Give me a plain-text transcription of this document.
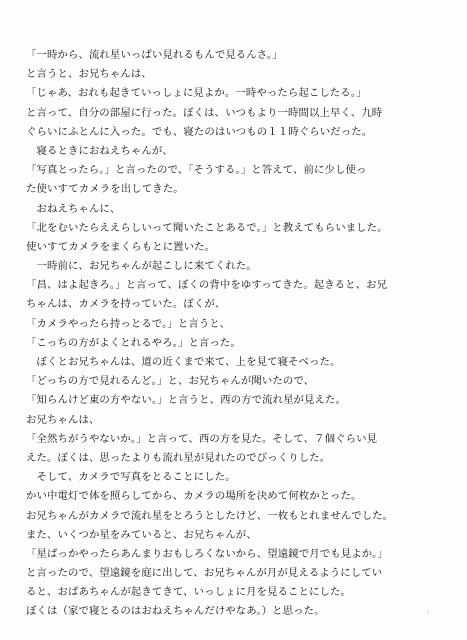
「一時から、流れ星いっぱい見れるもんで見るんさ。」
と言うと、お兄ちゃんは、
「じゃあ、おれも起きていっしょに見よか。一時やったら起こしたる。」
と言って、自分の部屋に行った。ぼくは、いつもより一時間以上早く、九時
ぐらいにふとんに入った。でも、寝たのはいつもの１１時ぐらいだった。
　寝るときにおねえちゃんが、
「写真とったら。」と言ったので、「そうする。」と答えて、前に少し使っ
た使いすてカメラを出してきた。
　おねえちゃんに、
「北をむいたらええらしいって聞いたことあるで。」と教えてもらいました。
使いすてカメラをまくらもとに置いた。
　一時前に、お兄ちゃんが起こしに来てくれた。
「昌、はよ起きろ。」と言って、ぼくの背中をゆすってきた。起きると、お兄
ちゃんは、カメラを持っていた。ぼくが、
「カメラやったら持っとるで。」と言うと、
「こっちの方がよくとれるやろ。」と言った。
　ぼくとお兄ちゃんは、道の近くまで来て、上を見て寝そべった。
「どっちの方で見れるんど。」と、お兄ちゃんが聞いたので、
「知らんけど東の方やない。」と言うと、西の方で流れ星が見えた。
お兄ちゃんは、
「全然ちがうやないか。」と言って、西の方を見た。そして、７個ぐらい見
えた。ぼくは、思ったよりも流れ星が見れたのでびっくりした。
　そして、カメラで写真をとることにした。
かい中電灯で体を照らしてから、カメラの場所を決めて何枚かとった。
お兄ちゃんがカメラで流れ星をとろうとしたけど、一枚もとれませんでした。
また、いくつか星をみていると、お兄ちゃんが、
「星ばっかやったらあんまりおもしろくないから、望遠鏡で月でも見よか。」
と言ったので、望遠鏡を庭に出して、お兄ちゃんが月が見えるようにしてい
ると、おばあちゃんが起きてきて、いっしょに月を見ることにした。
ぼくは（家で寝とるのはおねえちゃんだけやなあ。）と思った。
